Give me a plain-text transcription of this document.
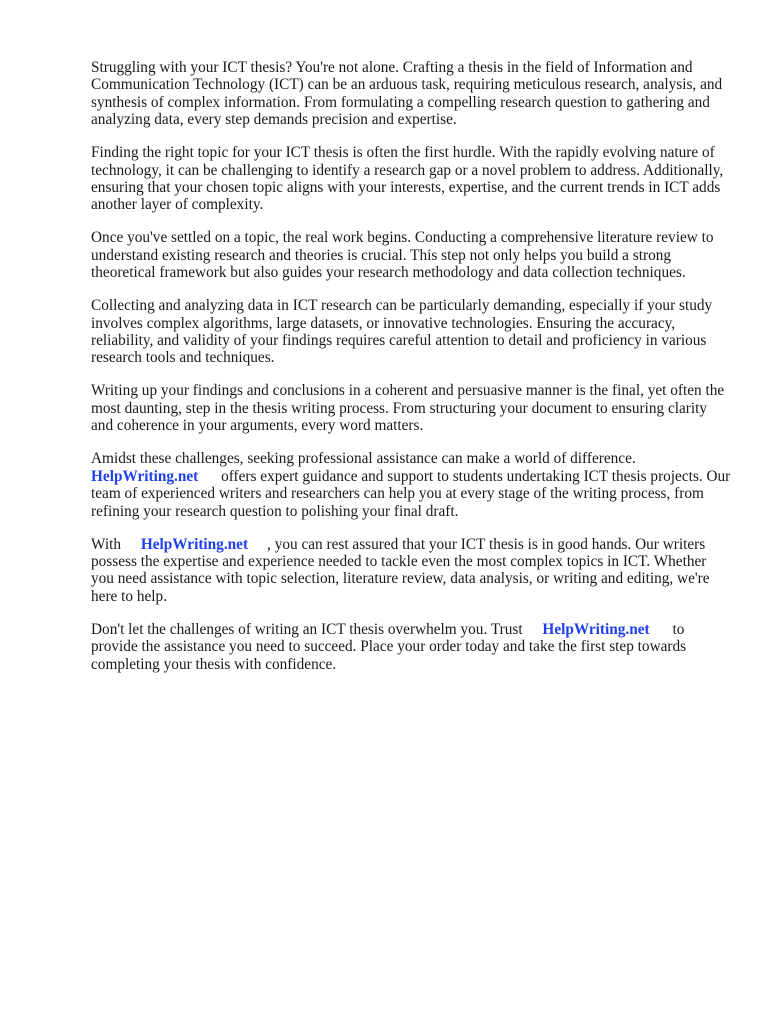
Struggling with your ICT thesis? You're not alone. Crafting a thesis in the field of Information and Communication Technology (ICT) can be an arduous task, requiring meticulous research, analysis, and synthesis of complex information. From formulating a compelling research question to gathering and analyzing data, every step demands precision and expertise.

Finding the right topic for your ICT thesis is often the first hurdle. With the rapidly evolving nature of technology, it can be challenging to identify a research gap or a novel problem to address. Additionally, ensuring that your chosen topic aligns with your interests, expertise, and the current trends in ICT adds another layer of complexity.

Once you've settled on a topic, the real work begins. Conducting a comprehensive literature review to understand existing research and theories is crucial. This step not only helps you build a strong theoretical framework but also guides your research methodology and data collection techniques.

Collecting and analyzing data in ICT research can be particularly demanding, especially if your study involves complex algorithms, large datasets, or innovative technologies. Ensuring the accuracy, reliability, and validity of your findings requires careful attention to detail and proficiency in various research tools and techniques.

Writing up your findings and conclusions in a coherent and persuasive manner is the final, yet often the most daunting, step in the thesis writing process. From structuring your document to ensuring clarity and coherence in your arguments, every word matters.

Amidst these challenges, seeking professional assistance can make a world of difference.
HelpWriting.net offers expert guidance and support to students undertaking ICT thesis projects. Our team of experienced writers and researchers can help you at every stage of the writing process, from refining your research question to polishing your final draft.

With HelpWriting.net , you can rest assured that your ICT thesis is in good hands. Our writers possess the expertise and experience needed to tackle even the most complex topics in ICT. Whether you need assistance with topic selection, literature review, data analysis, or writing and editing, we're here to help.

Don't let the challenges of writing an ICT thesis overwhelm you. Trust HelpWriting.net to provide the assistance you need to succeed. Place your order today and take the first step towards completing your thesis with confidence.
